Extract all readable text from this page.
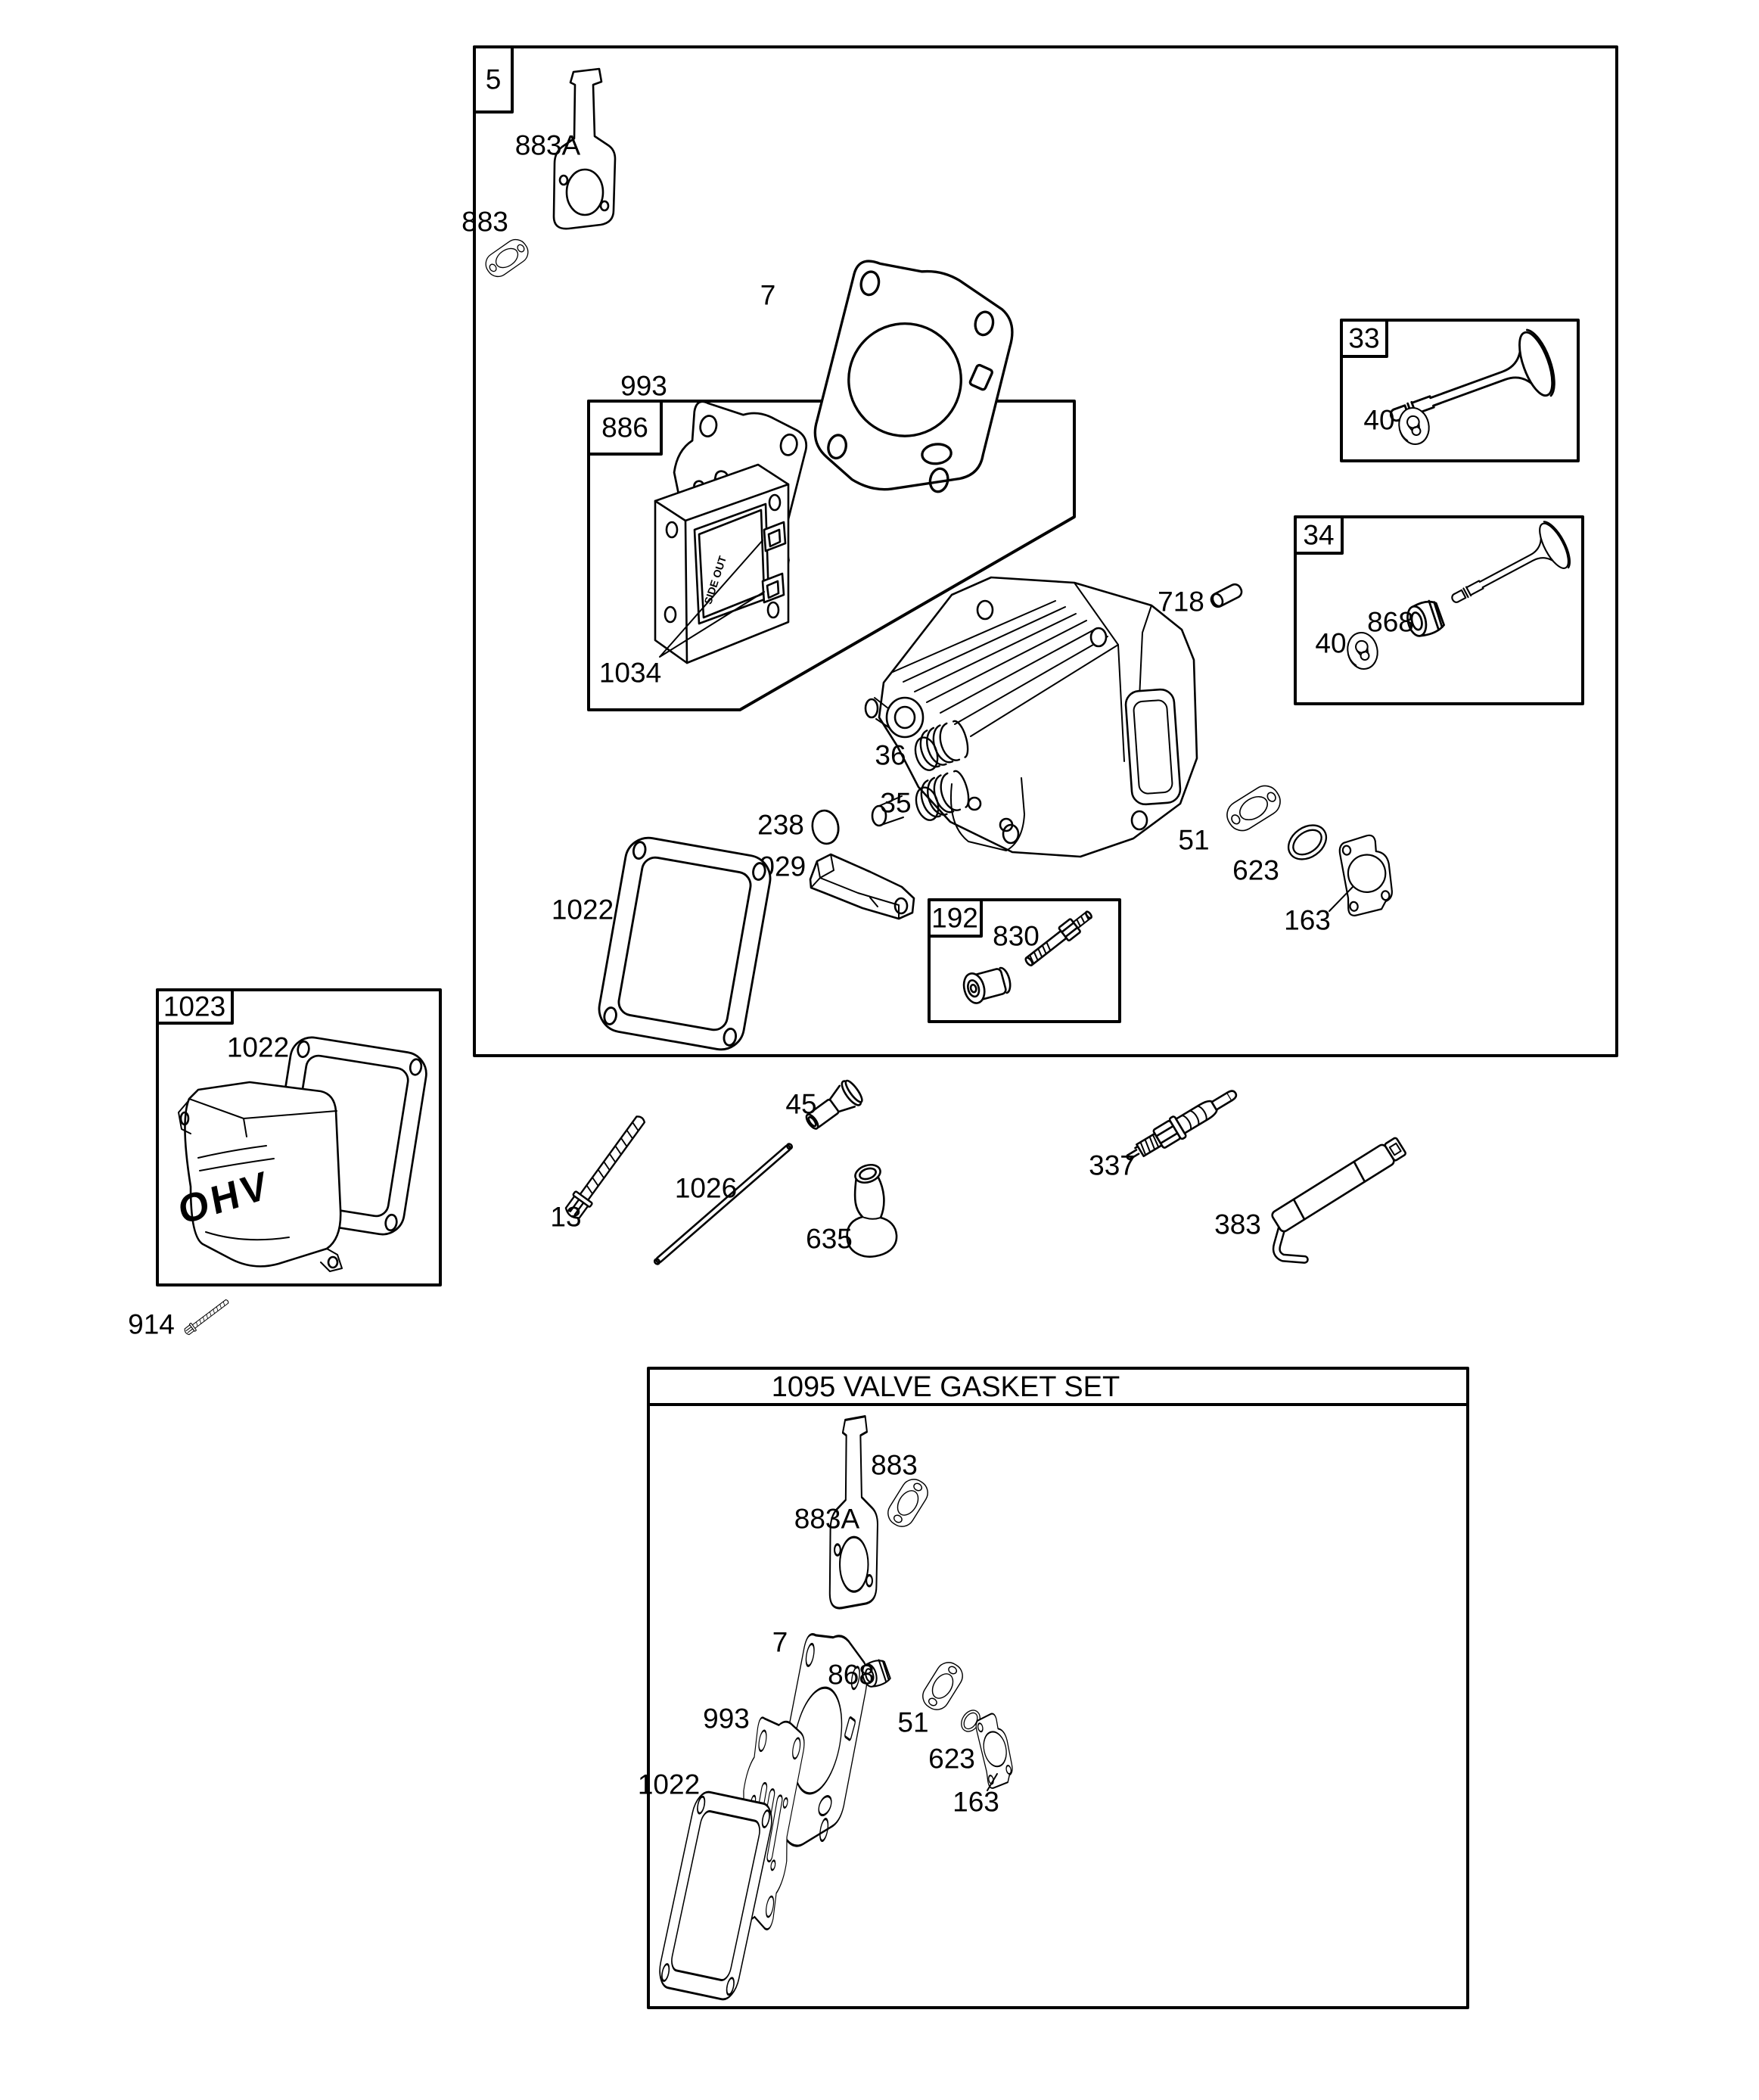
5
883A
883
886
7
993
SIDE OUT
1034
718
36
35
238
1029
1022
51
623
163
192
830
33
40
34
868
40
1023
1022
OHV	13
1026
45
635
337
383
914
1095 VALVE GASKET SET
883A
883
7
868
51
993
623
163
1022
